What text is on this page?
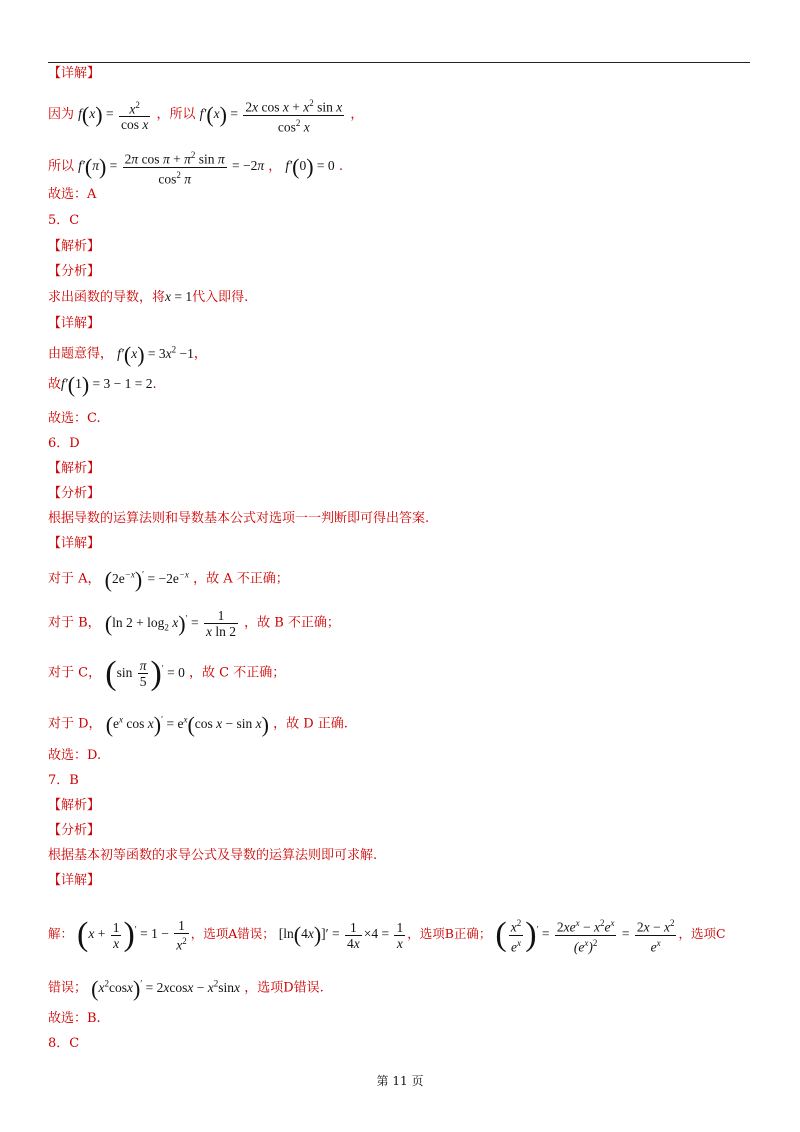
【详解】
因为 $f(x) = \frac{x^2}{\text{cos x}}$ ，所以 $f'(x) = \frac{2x \cos x + x^2 \sin x}{\cos^2 x}$ ，
所以 $f'(\pi) = \frac{2\pi \cos \pi + \pi^2 \sin \pi}{\cos^2 \pi} = -2\pi$ ， f′(0) = 0 .
故选：A
5．C
【解析】
【分析】
求出函数的导数，将x = 1代入即得.
【详解】
由题意得， $f'(x) = 3x^2 -1$，
故f′(1) = 3 − 1 = 2.
故选：C.
6．D
【解析】
【分析】
根据导数的运算法则和导数基本公式对选项一一判断即可得出答案.
【详解】
对于 A， $(2e^{-x})' = -2e^{-x}$ ，故 A 不正确；
对于 B， (ln $2 + \log_2 x)' = \frac{1}{\text{x ln 2}}$ ，故 B 不正确；
对于 C， $(\sin \frac{\pi}{5} )' = 0$ ，故 C 不正确；
对于 D， ($e^x$ $\cos x)' = e^x(\cos$ x − sin x) ，故 D 正确.
故选：D.
7．B
【解析】
【分析】
根据基本初等函数的求导公式及导数的运算法则即可求解.
【详解】
解： $(x + \frac{1}{x} )' = 1 - \frac{1}{x^2}$ ，选项A错误； $[\ln(4x)]' = \frac{1}{4x} \times 4 = \frac{1}{x}$ ，选项B正确； ( $\frac{x^2}{e^x} )' = \frac{2xe^x - x^2e^x}{(e^x)^2} = \frac{2x - x^2}{e^x}$ ，选项C
错误； $(x^2\cos x)' = 2xcosx - x^2\sin x$ ，选项D错误.
故选：B.
8．C
第 11 页
